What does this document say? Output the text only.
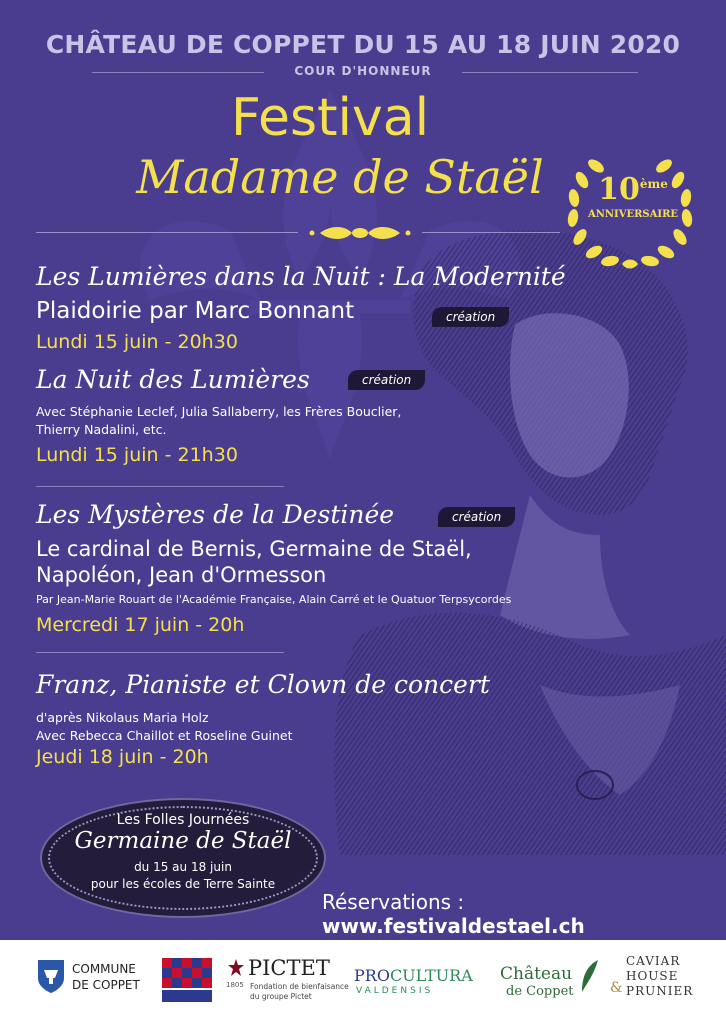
CHÂTEAU DE COPPET DU 15 AU 18 JUIN 2020
COUR D'HONNEUR
Festival
Madame de Staël	10ème
ANNIVERSAIRE
Les Lumières dans la Nuit : La Modernité
Plaidoirie par Marc Bonnant	création
Lundi 15 juin - 20h30
La Nuit des Lumières	création
Avec Stéphanie Leclef, Julia Sallaberry, les Frères Bouclier,
Thierry Nadalini, etc.
Lundi 15 juin - 21h30
Les Mystères de la Destinée	création
Le cardinal de Bernis, Germaine de Staël,
Napoléon, Jean d'Ormesson
Par Jean-Marie Rouart de l'Académie Française, Alain Carré et le Quatuor Terpsycordes
Mercredi 17 juin - 20h
Franz, Pianiste et Clown de concert
d'après Nikolaus Maria Holz
Avec Rebecca Chaillot et Roseline Guinet
Jeudi 18 juin - 20h
Les Folles Journées
Germaine de Staël
du 15 au 18 juin
pour les écoles de Terre Sainte
Réservations : www.festivaldestael.ch
COMMUNE
DE COPPET
PICTET
1805 Fondation de bienfaisance
du groupe Pictet
PROCULTURA
VALDENSIS
Château
de Coppet
CAVIAR
HOUSE
& PRUNIER
